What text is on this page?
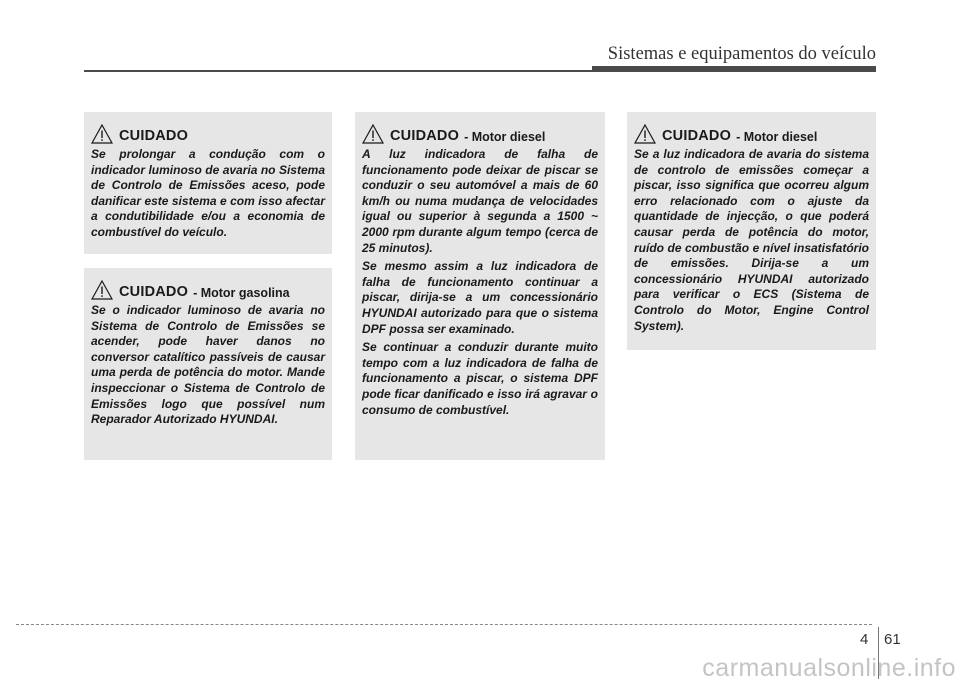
Sistemas e equipamentos do veículo
CUIDADO

Se prolongar a condução com o indicador luminoso de avaria no Sistema de Controlo de Emissões aceso, pode danificar este sistema e com isso afectar a condutibilidade e/ou a economia de combustível do veículo.

CUIDADO - Motor gasolina

Se o indicador luminoso de avaria no Sistema de Controlo de Emissões se acender, pode haver danos no conversor catalítico passíveis de causar uma perda de potência do motor. Mande inspeccionar o Sistema de Controlo de Emissões logo que possível num Reparador Autorizado HYUNDAI.

CUIDADO - Motor diesel

A luz indicadora de falha de funcionamento pode deixar de piscar se conduzir o seu automóvel a mais de 60 km/h ou numa mudança de velocidades igual ou superior à segunda a 1500 ~ 2000 rpm durante algum tempo (cerca de 25 minutos).

Se mesmo assim a luz indicadora de falha de funcionamento continuar a piscar, dirija-se a um concessionário HYUNDAI autorizado para que o sistema DPF possa ser examinado.

Se continuar a conduzir durante muito tempo com a luz indicadora de falha de funcionamento a piscar, o sistema DPF pode ficar danificado e isso irá agravar o consumo de combustível.

CUIDADO - Motor diesel

Se a luz indicadora de avaria do sistema de controlo de emissões começar a piscar, isso significa que ocorreu algum erro relacionado com o ajuste da quantidade de injecção, o que poderá causar perda de potência do motor, ruído de combustão e nível insatisfatório de emissões. Dirija-se a um concessionário HYUNDAI autorizado para verificar o ECS (Sistema de Controlo do Motor, Engine Control System).

4 61
carmanualsonline.info
